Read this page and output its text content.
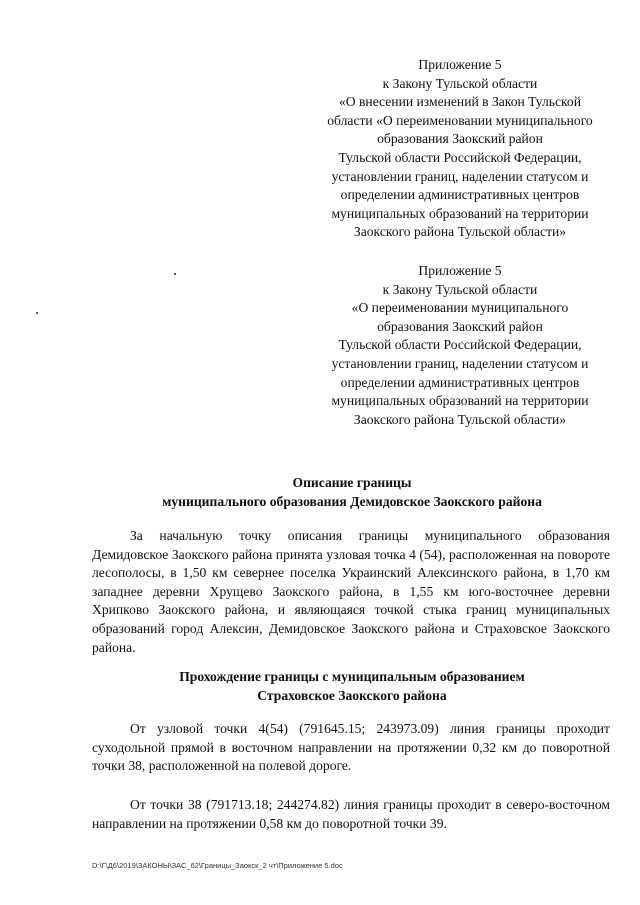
Приложение 5
к Закону Тульской области
«О внесении изменений в Закон Тульской
области «О переименовании муниципального
образования Заокский район
Тульской области Российской Федерации,
установлении границ, наделении статусом и
определении административных центров
муниципальных образований на территории
Заокского района Тульской области»
Приложение 5
к Закону Тульской области
«О переименовании муниципального
образования Заокский район
Тульской области Российской Федерации,
установлении границ, наделении статусом и
определении административных центров
муниципальных образований на территории
Заокского района Тульской области»
Описание границы
муниципального образования Демидовское Заокского района

За начальную точку описания границы муниципального образования Демидовское Заокского района принята узловая точка 4 (54), расположенная на повороте лесополосы, в 1,50 км севернее поселка Украинский Алексинского района, в 1,70 км западнее деревни Хрущево Заокского района, в 1,55 км юго-восточнее деревни Хрипково Заокского района, и являющаяся точкой стыка границ муниципальных образований город Алексин, Демидовское Заокского района и Страховское Заокского района.

Прохождение границы с муниципальным образованием
Страховское Заокского района

От узловой точки 4(54) (791645.15; 243973.09) линия границы проходит суходольной прямой в восточном направлении на протяжении 0,32 км до поворотной точки 38, расположенной на полевой дороге.

От точки 38 (791713.18; 244274.82) линия границы проходит в северо-восточном направлении на протяжении 0,58 км до поворотной точки 39.

D:\Г\Д6\2019\ЗАКОНЫ\ЗАС_62\Границы_Заокск_2 чт\Приложение 5.doc
